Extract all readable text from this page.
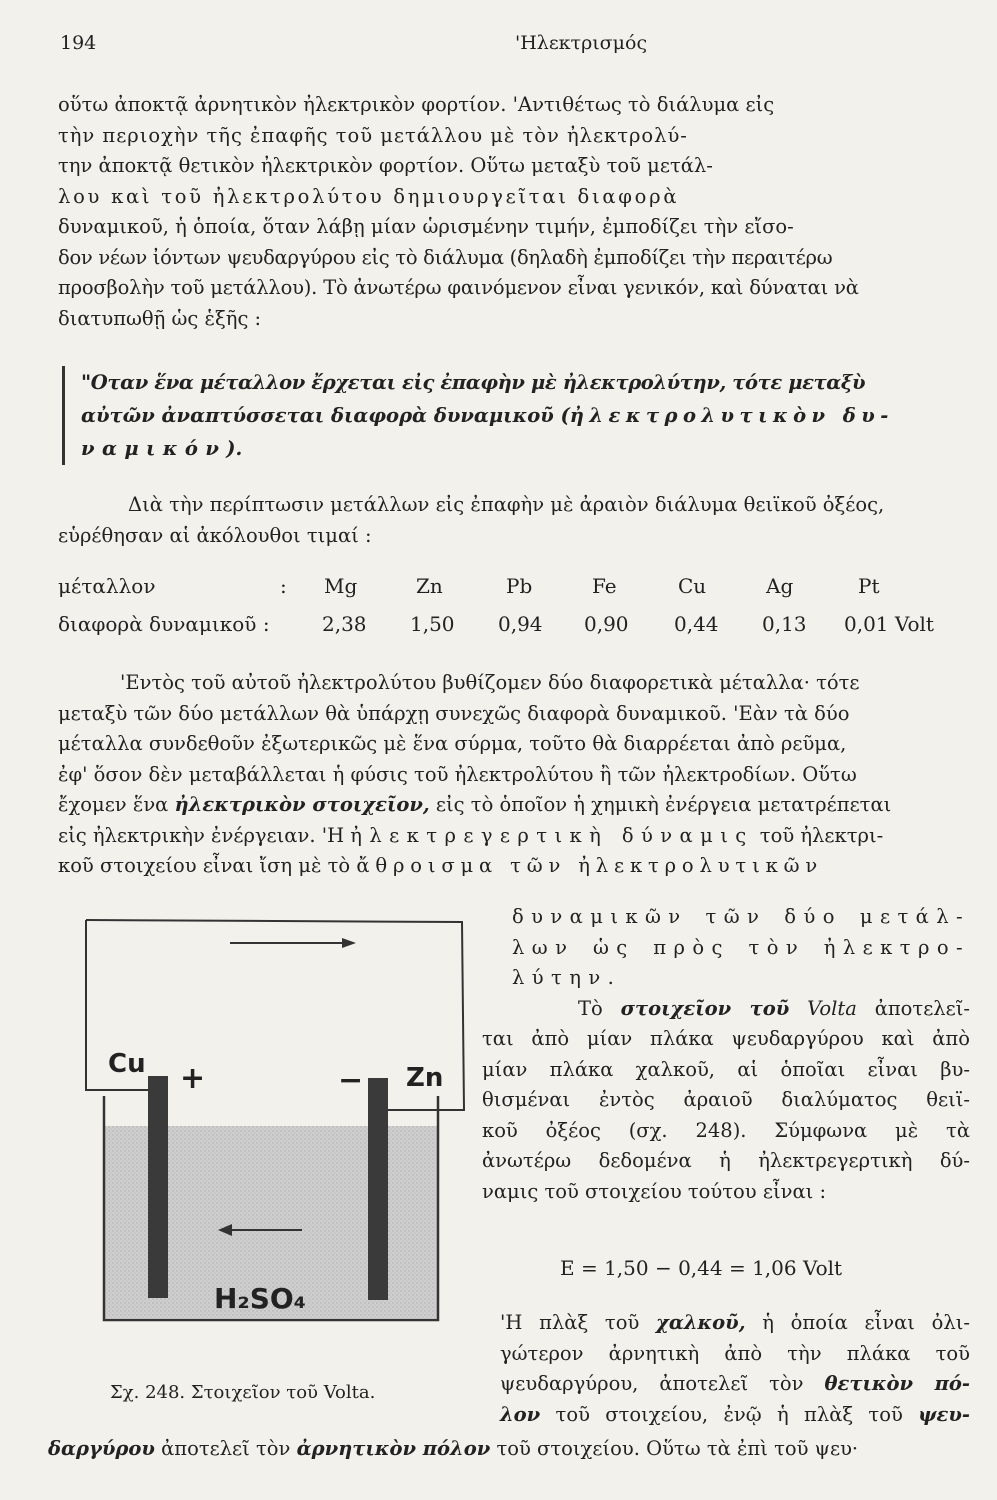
194	'Ηλεκτρισμός
οὕτω ἀποκτᾷ ἀρνητικὸν ἠλεκτρικὸν φορτίον. 'Αντιθέτως τὸ διάλυμα εἰς
τὴν περιοχὴν τῆς ἐπαφῆς τοῦ μετάλλου μὲ τὸν ἠλεκτρολύ-
την ἀποκτᾷ θετικὸν ἠλεκτρικὸν φορτίον. Οὕτω μεταξὺ τοῦ μετάλ-
λου καὶ τοῦ ἠλεκτρολύτου δημιουργεῖται διαφορὰ
δυναμικοῦ, ἡ ὁποία, ὅταν λάβῃ μίαν ὡρισμένην τιμήν, ἐμποδίζει τὴν εἴσο-
δον νέων ἰόντων ψευδαργύρου εἰς τὸ διάλυμα (δηλαδὴ ἐμποδίζει τὴν περαιτέρω
προσβολὴν τοῦ μετάλλου). Τὸ ἀνωτέρω φαινόμενον εἶναι γενικόν, καὶ δύναται νὰ
διατυπωθῇ ὡς ἑξῆς :
"Οταν ἕνα μέταλλον ἔρχεται εἰς ἐπαφὴν μὲ ἠλεκτρολύτην, τότε μεταξὺ
αὐτῶν ἀναπτύσσεται διαφορὰ δυναμικοῦ (ἠλεκτρολυτικὸν δυ-
ναμικόν).
Διὰ τὴν περίπτωσιν μετάλλων εἰς ἐπαφὴν μὲ ἀραιὸν διάλυμα θειϊκοῦ ὀξέος,
εὑρέθησαν αἱ ἀκόλουθοι τιμαί :
μέταλλον	: Mg	Zn	Pb	Fe	Cu	Ag	Pt
διαφορὰ δυναμικοῦ :	2,38 1,50 0,94 0,90 0,44 0,13 0,01 Volt
'Εντὸς τοῦ αὐτοῦ ἠλεκτρολύτου βυθίζομεν δύο διαφορετικὰ μέταλλα· τότε
μεταξὺ τῶν δύο μετάλλων θὰ ὑπάρχῃ συνεχῶς διαφορὰ δυναμικοῦ. 'Εὰν τὰ δύο
μέταλλα συνδεθοῦν ἐξωτερικῶς μὲ ἕνα σύρμα, τοῦτο θὰ διαρρέεται ἀπὸ ρεῦμα,
ἐφ' ὅσον δὲν μεταβάλλεται ἡ φύσις τοῦ ἠλεκτρολύτου ἢ τῶν ἠλεκτροδίων. Οὕτω
ἔχομεν ἕνα ἠλεκτρικὸν στοιχεῖον, εἰς τὸ ὁποῖον ἡ χημικὴ ἐνέργεια μετατρέπεται
εἰς ἠλεκτρικὴν ἐνέργειαν. 'Η ἠλεκτρεγερτικὴ δύναμις τοῦ ἠλεκτρι-
κοῦ στοιχείου εἶναι ἴση μὲ τὸ ἄθροισμα τῶν ἠλεκτρολυτικῶν
δυναμικῶν τῶν δύο μετάλ-
λων ὡς πρὸς τὸν ἠλεκτρο-
λύτην.
Τὸ στοιχεῖον τοῦ Volta ἀποτελεῖ-
ται ἀπὸ μίαν πλάκα ψευδαργύρου καὶ ἀπὸ
μίαν πλάκα χαλκοῦ, αἱ ὁποῖαι εἶναι βυ-
θισμέναι ἐντὸς ἀραιοῦ διαλύματος θειϊ-
κοῦ ὀξέος (σχ. 248). Σύμφωνα μὲ τὰ
ἀνωτέρω δεδομένα ἡ ἠλεκτρεγερτικὴ δύ-
ναμις τοῦ στοιχείου τούτου εἶναι :
E = 1,50 − 0,44 = 1,06 Volt
'Η πλὰξ τοῦ χαλκοῦ, ἡ ὁποία εἶναι ὀλι-
γώτερον ἀρνητικὴ ἀπὸ τὴν πλάκα τοῦ
ψευδαργύρου, ἀποτελεῖ τὸν θετικὸν πό-
λον τοῦ στοιχείου, ἐνῷ ἡ πλὰξ τοῦ ψευ-
Cu +	− Zn
H₂SO₄
Σχ. 248. Στοιχεῖον τοῦ Volta.
δαργύρου ἀποτελεῖ τὸν ἀρνητικὸν πόλον τοῦ στοιχείου. Οὕτω τὰ ἐπὶ τοῦ ψευ·
